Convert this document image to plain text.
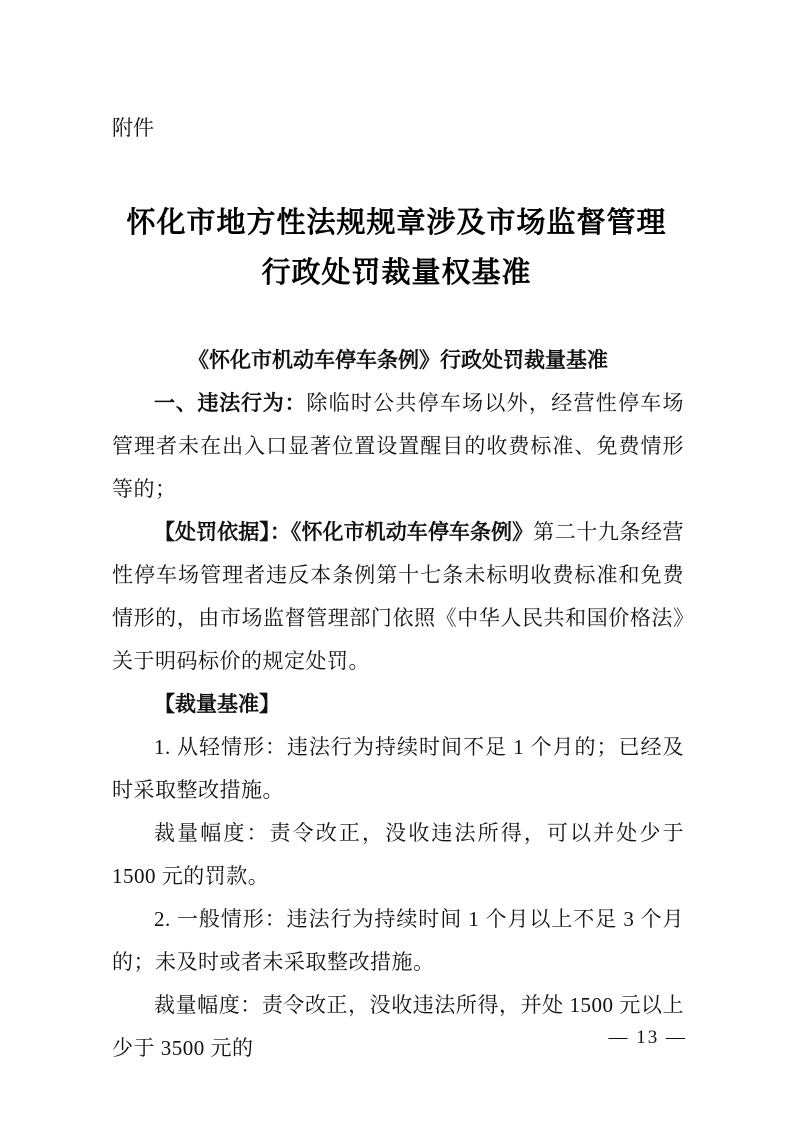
附件
怀化市地方性法规规章涉及市场监督管理
行政处罚裁量权基准
《怀化市机动车停车条例》行政处罚裁量基准

一、违法行为：除临时公共停车场以外，经营性停车场管理者未在出入口显著位置设置醒目的收费标准、免费情形等的；

【处罚依据】：《怀化市机动车停车条例》第二十九条经营性停车场管理者违反本条例第十七条未标明收费标准和免费情形的，由市场监督管理部门依照《中华人民共和国价格法》关于明码标价的规定处罚。

【裁量基准】

1. 从轻情形：违法行为持续时间不足 1 个月的；已经及时采取整改措施。

裁量幅度：责令改正，没收违法所得，可以并处少于 1500 元的罚款。

2. 一般情形：违法行为持续时间 1 个月以上不足 3 个月的；未及时或者未采取整改措施。

裁量幅度：责令改正，没收违法所得，并处 1500 元以上少于 3500 元的	— 13 —
